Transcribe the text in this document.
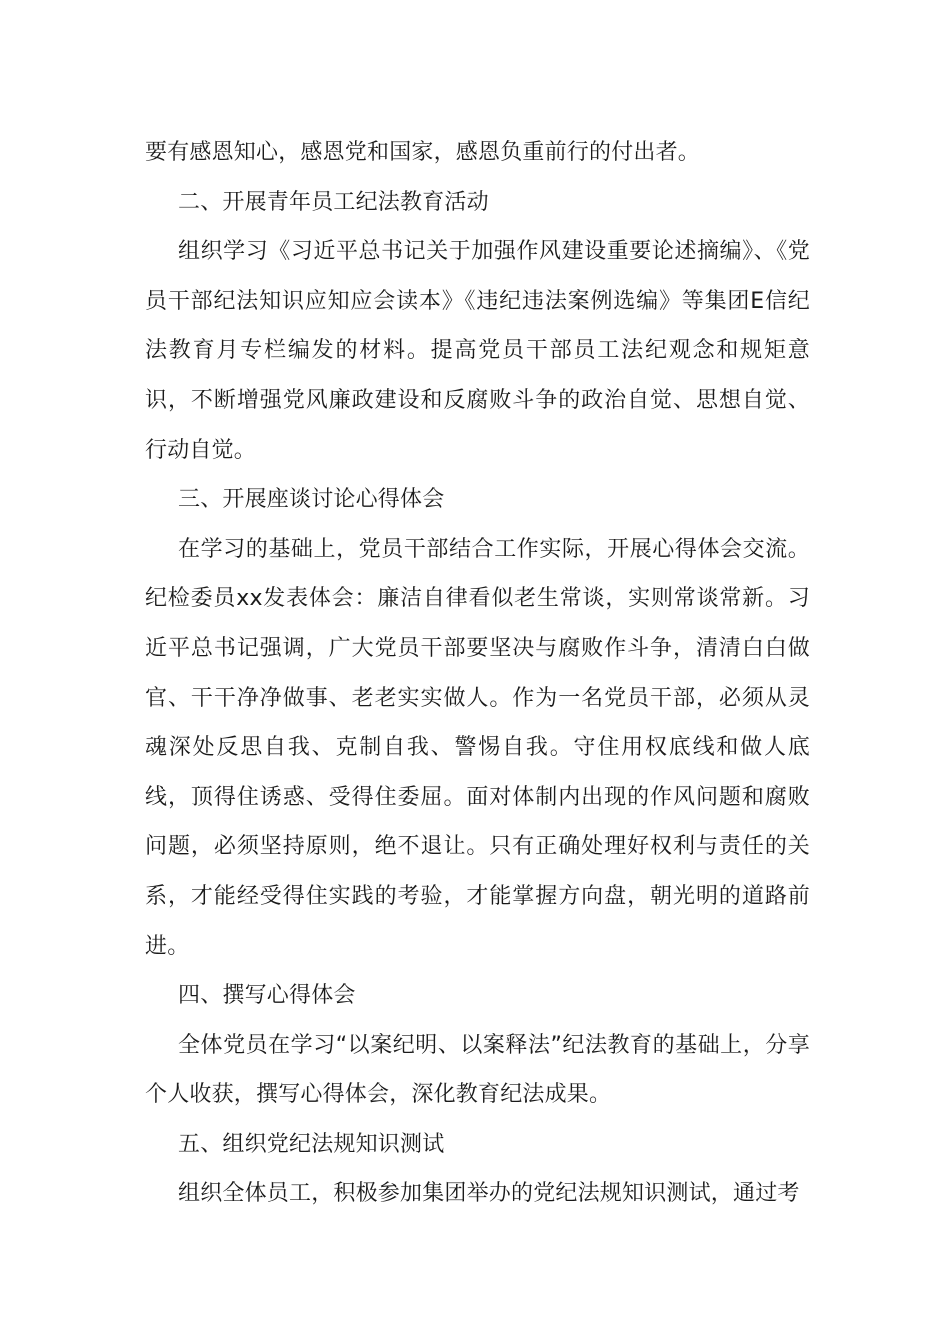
要有感恩知心，感恩党和国家，感恩负重前行的付出者。

二、开展青年员工纪法教育活动

组织学习《习近平总书记关于加强作风建设重要论述摘编》、《党员干部纪法知识应知应会读本》《违纪违法案例选编》等集团E信纪法教育月专栏编发的材料。提高党员干部员工法纪观念和规矩意识，不断增强党风廉政建设和反腐败斗争的政治自觉、思想自觉、行动自觉。

三、开展座谈讨论心得体会

在学习的基础上，党员干部结合工作实际，开展心得体会交流。纪检委员xx发表体会：廉洁自律看似老生常谈，实则常谈常新。习近平总书记强调，广大党员干部要坚决与腐败作斗争，清清白白做官、干干净净做事、老老实实做人。作为一名党员干部，必须从灵魂深处反思自我、克制自我、警惕自我。守住用权底线和做人底线，顶得住诱惑、受得住委屈。面对体制内出现的作风问题和腐败问题，必须坚持原则，绝不退让。只有正确处理好权利与责任的关系，才能经受得住实践的考验，才能掌握方向盘，朝光明的道路前进。

四、撰写心得体会

全体党员在学习“以案纪明、以案释法”纪法教育的基础上，分享个人收获，撰写心得体会，深化教育纪法成果。

五、组织党纪法规知识测试

组织全体员工，积极参加集团举办的党纪法规知识测试，通过考
